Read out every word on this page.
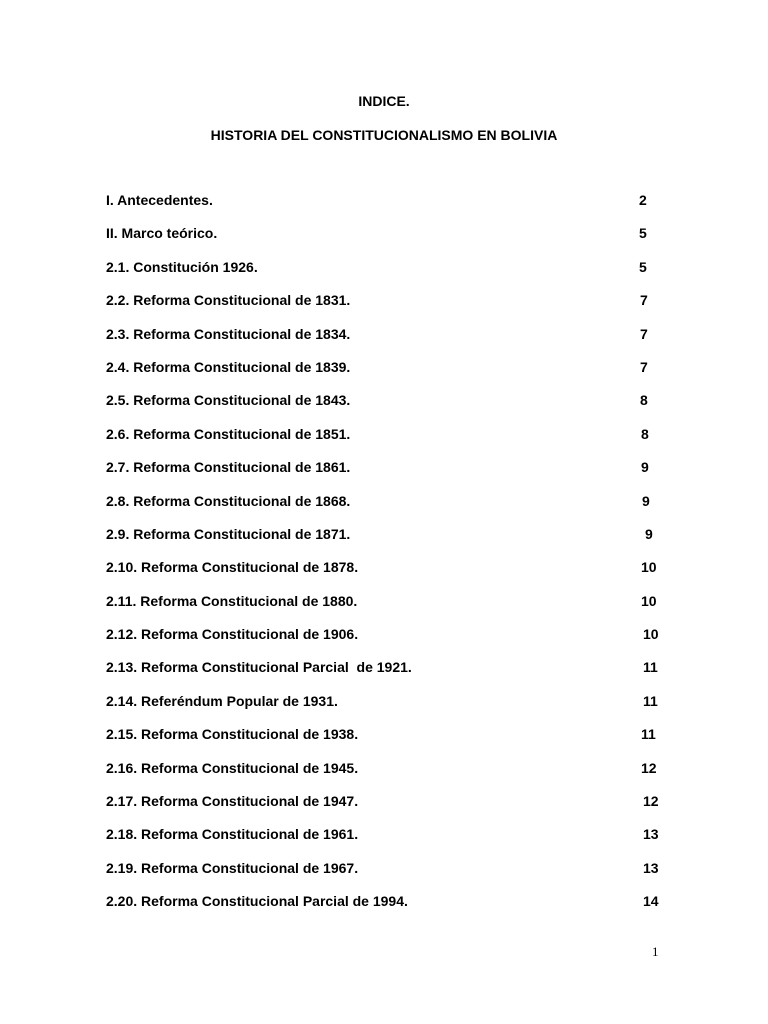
INDICE.
HISTORIA DEL CONSTITUCIONALISMO EN BOLIVIA
I. Antecedentes.	2
II. Marco teórico.	5
2.1. Constitución 1926.	5
2.2. Reforma Constitucional de 1831.	7
2.3. Reforma Constitucional de 1834.	7
2.4. Reforma Constitucional de 1839.	7
2.5. Reforma Constitucional de 1843.	8
2.6. Reforma Constitucional de 1851.	8
2.7. Reforma Constitucional de 1861.	9
2.8. Reforma Constitucional de 1868.	9
2.9. Reforma Constitucional de 1871.	9
2.10. Reforma Constitucional de 1878.	10
2.11. Reforma Constitucional de 1880.	10
2.12. Reforma Constitucional de 1906.	10
2.13. Reforma Constitucional Parcial  de 1921.	11
2.14. Referéndum Popular de 1931.	11
2.15. Reforma Constitucional de 1938.	11
2.16. Reforma Constitucional de 1945.	12
2.17. Reforma Constitucional de 1947.	12
2.18. Reforma Constitucional de 1961.	13
2.19. Reforma Constitucional de 1967.	13
2.20. Reforma Constitucional Parcial de 1994.	14
1
